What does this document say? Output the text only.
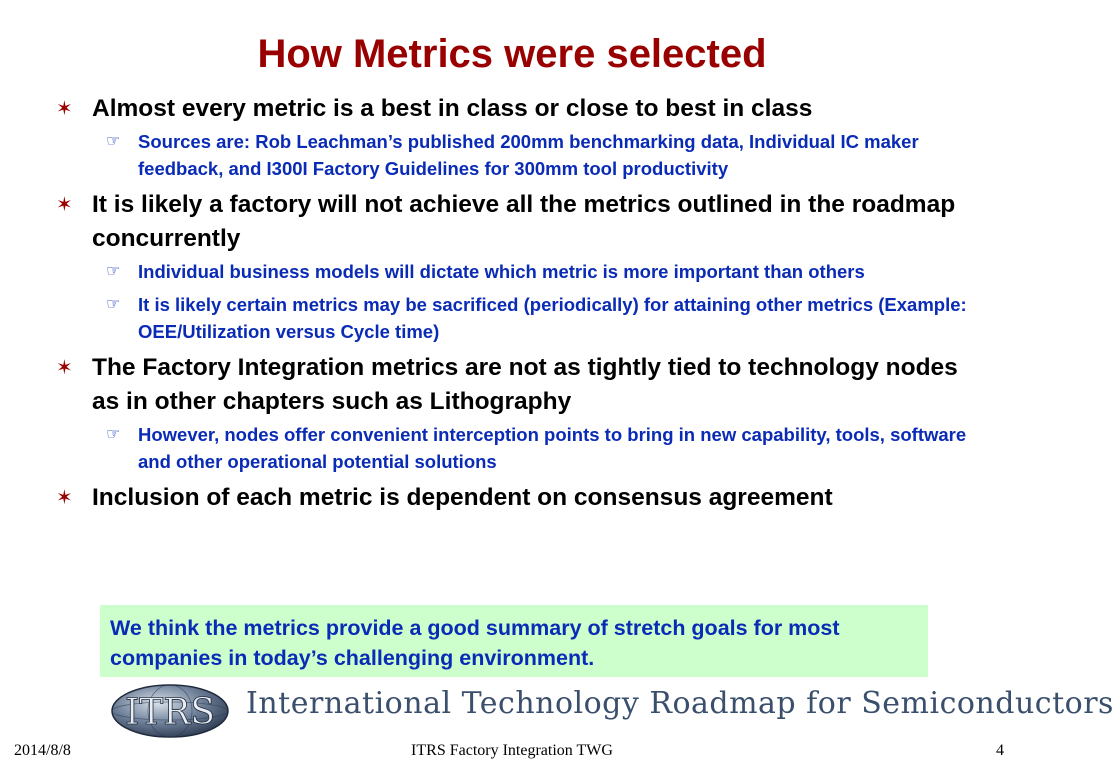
How Metrics were selected
✶ Almost every metric is a best in class or close to best in class
☞ Sources are: Rob Leachman’s published 200mm benchmarking data, Individual IC maker feedback, and I300I Factory Guidelines for 300mm tool productivity
✶ It is likely a factory will not achieve all the metrics outlined in the roadmap concurrently
☞ Individual business models will dictate which metric is more important than others
☞ It is likely certain metrics may be sacrificed (periodically) for attaining other metrics (Example: OEE/Utilization versus Cycle time)
✶ The Factory Integration metrics are not as tightly tied to technology nodes as in other chapters such as Lithography
☞ However, nodes offer convenient interception points to bring in new capability, tools, software and other operational potential solutions
✶ Inclusion of each metric is dependent on consensus agreement
We think the metrics provide a good summary of stretch goals for most companies in today’s challenging environment.
ITRS International Technology Roadmap for Semiconductors
2014/8/8	ITRS Factory Integration TWG	4
